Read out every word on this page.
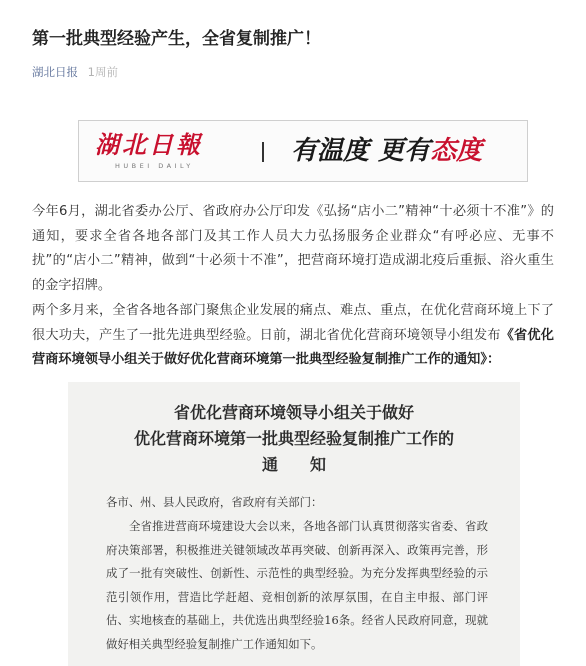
第一批典型经验产生，全省复制推广！
湖北日报 1周前
湖北日報
HUBEI DAILY	有温度 更有态度

今年6月，湖北省委办公厅、省政府办公厅印发《弘扬“店小二”精神“十必须十不准”》的通知，要求全省各地各部门及其工作人员大力弘扬服务企业群众“有呼必应、无事不扰”的“店小二”精神，做到“十必须十不准”，把营商环境打造成湖北疫后重振、浴火重生的金字招牌。

两个多月来，全省各地各部门聚焦企业发展的痛点、难点、重点，在优化营商环境上下了很大功夫，产生了一批先进典型经验。日前，湖北省优化营商环境领导小组发布《省优化营商环境领导小组关于做好优化营商环境第一批典型经验复制推广工作的通知》：

省优化营商环境领导小组关于做好
优化营商环境第一批典型经验复制推广工作的
通知
各市、州、县人民政府，省政府有关部门：
全省推进营商环境建设大会以来，各地各部门认真贯彻落实省委、省政府决策部署，积极推进关键领域改革再突破、创新再深入、政策再完善，形成了一批有突破性、创新性、示范性的典型经验。为充分发挥典型经验的示范引领作用，营造比学赶超、竞相创新的浓厚氛围，在自主申报、部门评估、实地核查的基础上，共优选出典型经验16条。经省人民政府同意，现就做好相关典型经验复制推广工作通知如下。
